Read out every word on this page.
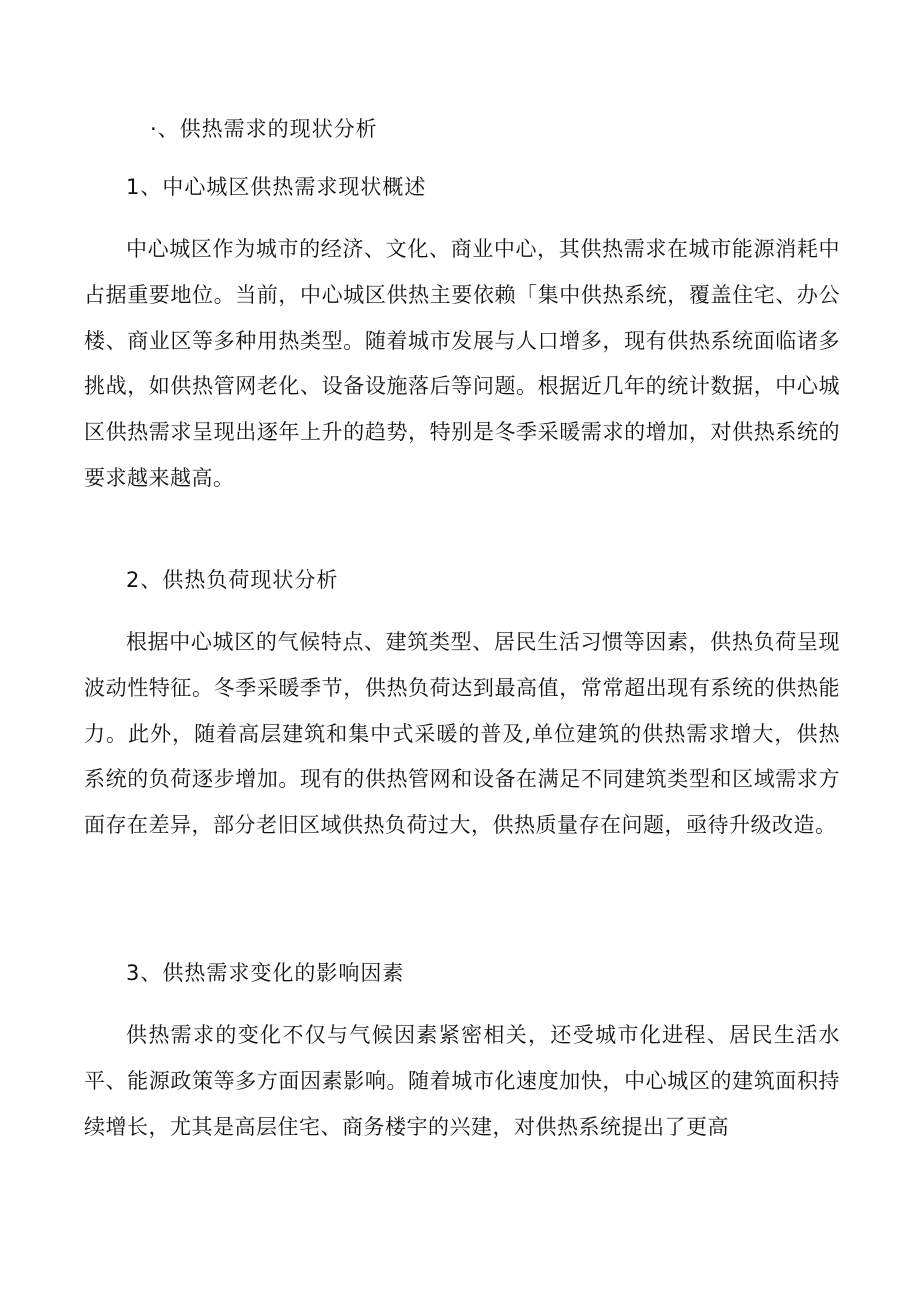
·、供热需求的现状分析
1、中心城区供热需求现状概述

中心城区作为城市的经济、文化、商业中心，其供热需求在城市能源消耗中占据重要地位。当前，中心城区供热主要依赖「集中供热系统，覆盖住宅、办公楼、商业区等多种用热类型。随着城市发展与人口增多，现有供热系统面临诸多挑战，如供热管网老化、设备设施落后等问题。根据近几年的统计数据，中心城区供热需求呈现出逐年上升的趋势，特别是冬季采暖需求的增加，对供热系统的要求越来越高。

2、供热负荷现状分析

根据中心城区的气候特点、建筑类型、居民生活习惯等因素，供热负荷呈现波动性特征。冬季采暖季节，供热负荷达到最高值，常常超出现有系统的供热能力。此外，随着高层建筑和集中式采暖的普及,单位建筑的供热需求增大，供热系统的负荷逐步增加。现有的供热管网和设备在满足不同建筑类型和区域需求方面存在差异，部分老旧区域供热负荷过大，供热质量存在问题，亟待升级改造。

3、供热需求变化的影响因素

供热需求的变化不仅与气候因素紧密相关，还受城市化进程、居民生活水平、能源政策等多方面因素影响。随着城市化速度加快，中心城区的建筑面积持续增长，尤其是高层住宅、商务楼宇的兴建，对供热系统提出了更高
